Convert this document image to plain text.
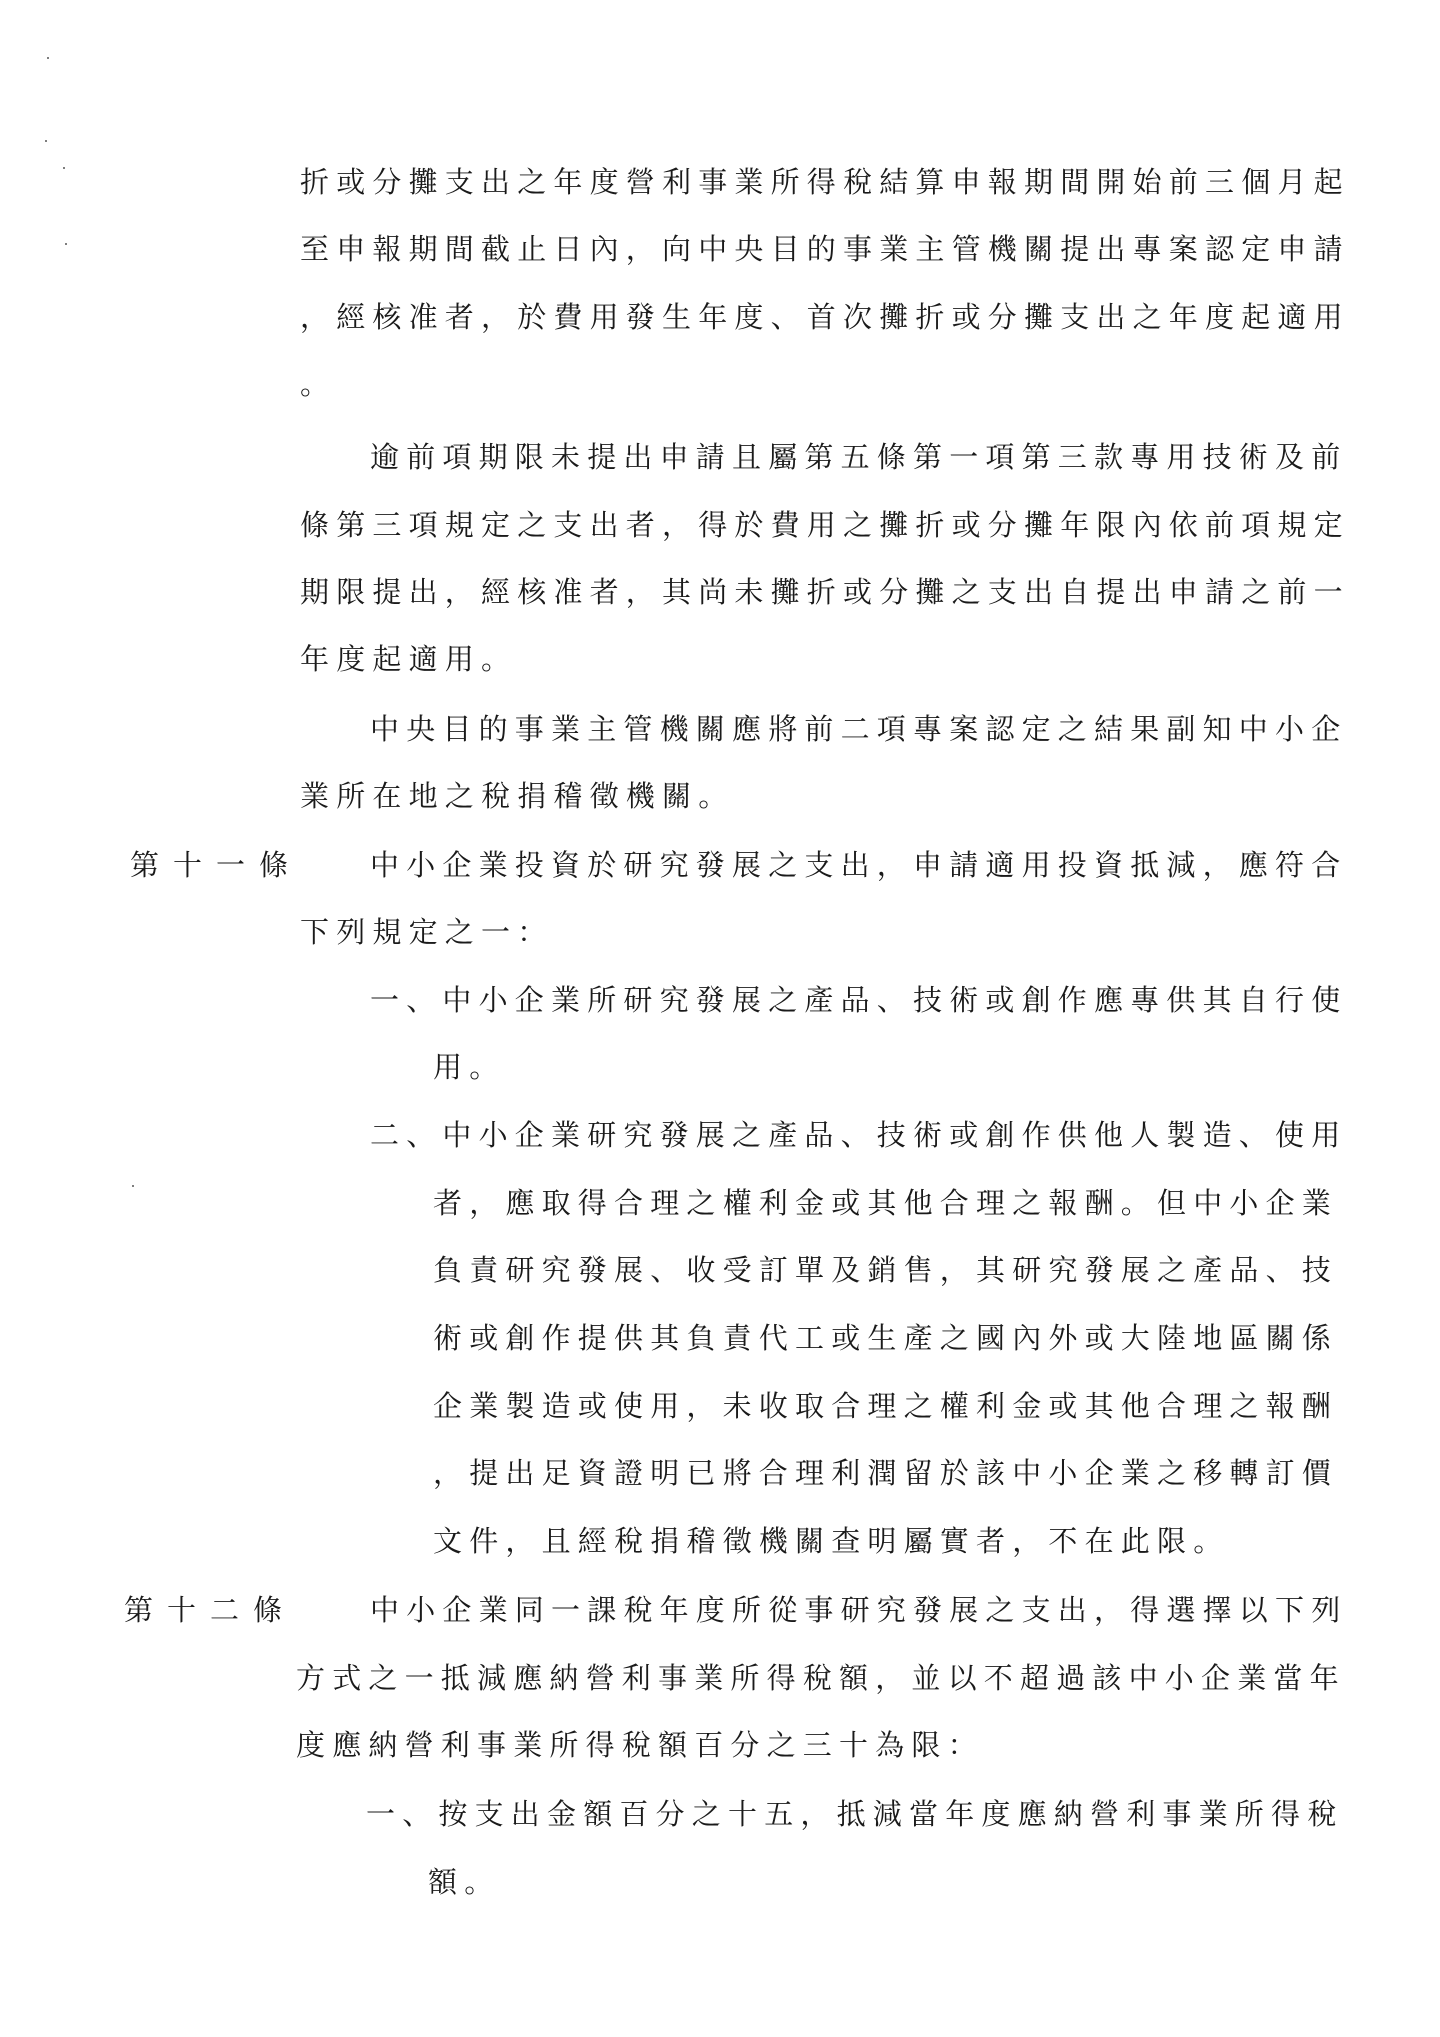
折或分攤支出之年度營利事業所得稅結算申報期間開始前三個月起
至申報期間截止日內，向中央目的事業主管機關提出專案認定申請
，經核准者，於費用發生年度、首次攤折或分攤支出之年度起適用
。
逾前項期限未提出申請且屬第五條第一項第三款專用技術及前
條第三項規定之支出者，得於費用之攤折或分攤年限內依前項規定
期限提出，經核准者，其尚未攤折或分攤之支出自提出申請之前一
年度起適用。
中央目的事業主管機關應將前二項專案認定之結果副知中小企
業所在地之稅捐稽徵機關。
第十一條 中小企業投資於研究發展之支出，申請適用投資抵減，應符合
下列規定之一：
一、中小企業所研究發展之產品、技術或創作應專供其自行使
用。
二、中小企業研究發展之產品、技術或創作供他人製造、使用
者，應取得合理之權利金或其他合理之報酬。但中小企業
負責研究發展、收受訂單及銷售，其研究發展之產品、技
術或創作提供其負責代工或生產之國內外或大陸地區關係
企業製造或使用，未收取合理之權利金或其他合理之報酬
，提出足資證明已將合理利潤留於該中小企業之移轉訂價
文件，且經稅捐稽徵機關查明屬實者，不在此限。
第十二條	中小企業同一課稅年度所從事研究發展之支出，得選擇以下列
方式之一抵減應納營利事業所得稅額，並以不超過該中小企業當年
度應納營利事業所得稅額百分之三十為限：
一、按支出金額百分之十五，抵減當年度應納營利事業所得稅
額。
